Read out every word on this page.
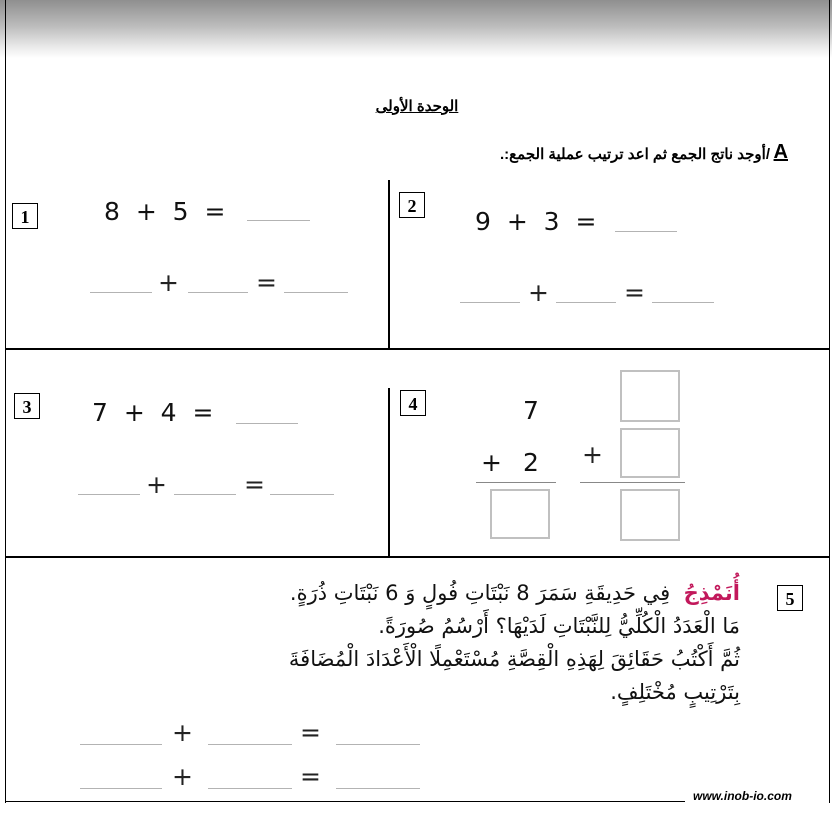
الوحدة الأولى
A
/أوجد ناتج الجمع ثم اعد ترتيب عملية الجمع:.
1	8 + 5 =
+	=
2
9 + 3 =
+	=
3	7 + 4 =
+	=
4	7
+ 2 +
5
أُنَمْذِجُ  فِي حَدِيقَةِ سَمَرَ 8 نَبْتَاتِ فُولٍ وَ 6 نَبْتَاتِ ذُرَةٍ.
مَا الْعَدَدُ الْكُلِّيُّ لِلنَّبْتَاتِ لَدَيْهَا؟ أَرْسُمُ صُورَةً.
ثُمَّ أَكْتُبُ حَقَائِقَ لِهَذِهِ الْقِصَّةِ مُسْتَعْمِلًا الْأَعْدَادَ الْمُضَافَةَ
بِتَرْتِيبٍ مُخْتَلِفٍ.
+	=
+	=
www.inob-io.com
